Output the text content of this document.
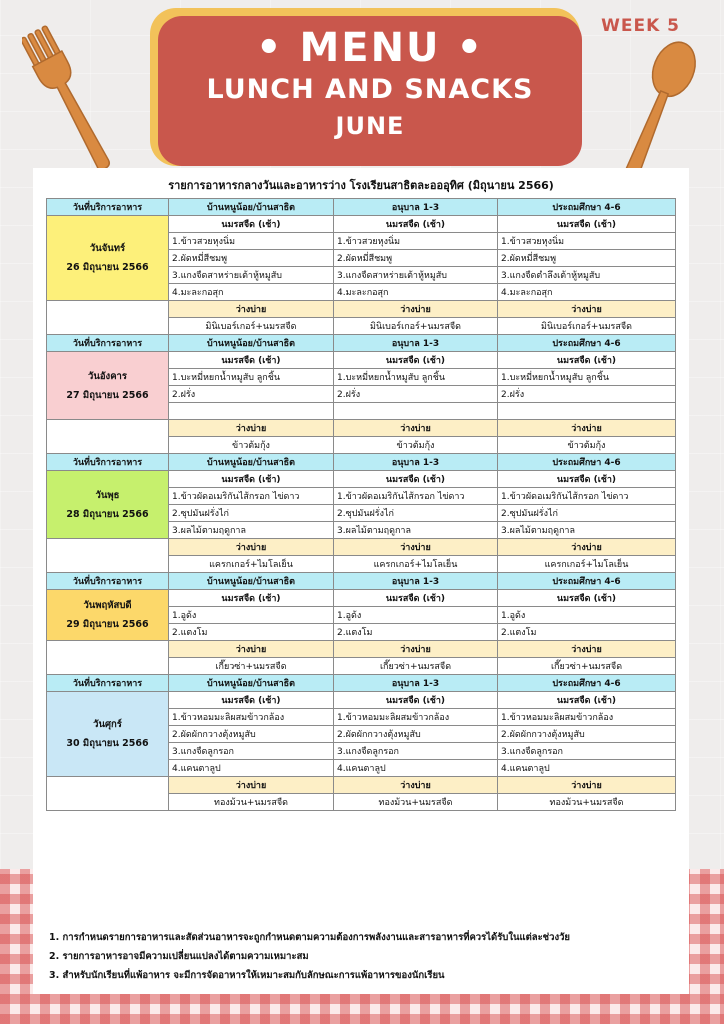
• MENU •
LUNCH AND SNACKS
JUNE
WEEK 5
รายการอาหารกลางวันและอาหารว่าง โรงเรียนสาธิตละอออุทิศ (มิถุนายน 2566)
วันที่บริการอาหาร	บ้านหนูน้อย/บ้านสาธิต	อนุบาล 1-3	ประถมศึกษา 4-6

วันจันทร์
26 มิถุนายน 2566	นมรสจืด (เช้า)	นมรสจืด (เช้า)	นมรสจืด (เช้า)
	1.ข้าวสวยหุงนิ่ม	1.ข้าวสวยหุงนิ่ม	1.ข้าวสวยหุงนิ่ม
	2.ผัดหมี่สีชมพู	2.ผัดหมี่สีชมพู	2.ผัดหมี่สีชมพู
	3.แกงจืดสาหร่ายเต้าหู้หมูสับ	3.แกงจืดสาหร่ายเต้าหู้หมูสับ	3.แกงจืดตำลึงเต้าหู้หมูสับ
	4.มะละกอสุก	4.มะละกอสุก	4.มะละกอสุก
	ว่างบ่าย	ว่างบ่าย	ว่างบ่าย
	มินิเบอร์เกอร์+นมรสจืด	มินิเบอร์เกอร์+นมรสจืด	มินิเบอร์เกอร์+นมรสจืด
วันที่บริการอาหาร	บ้านหนูน้อย/บ้านสาธิต	อนุบาล 1-3	ประถมศึกษา 4-6

วันอังคาร
27 มิถุนายน 2566	นมรสจืด (เช้า)	นมรสจืด (เช้า)	นมรสจืด (เช้า)
	1.บะหมี่หยกน้ำหมูสับ ลูกชิ้น	1.บะหมี่หยกน้ำหมูสับ ลูกชิ้น	1.บะหมี่หยกน้ำหมูสับ ลูกชิ้น
	2.ฝรั่ง	2.ฝรั่ง	2.ฝรั่ง

	ว่างบ่าย	ว่างบ่าย	ว่างบ่าย
	ข้าวต้มกุ้ง	ข้าวต้มกุ้ง	ข้าวต้มกุ้ง
วันที่บริการอาหาร	บ้านหนูน้อย/บ้านสาธิต	อนุบาล 1-3	ประถมศึกษา 4-6

วันพุธ
28 มิถุนายน 2566	นมรสจืด (เช้า)	นมรสจืด (เช้า)	นมรสจืด (เช้า)
	1.ข้าวผัดอเมริกันไส้กรอก ไข่ดาว	1.ข้าวผัดอเมริกันไส้กรอก ไข่ดาว	1.ข้าวผัดอเมริกันไส้กรอก ไข่ดาว
	2.ซุปมันฝรั่งไก่	2.ซุปมันฝรั่งไก่	2.ซุปมันฝรั่งไก่
	3.ผลไม้ตามฤดูกาล	3.ผลไม้ตามฤดูกาล	3.ผลไม้ตามฤดูกาล
	ว่างบ่าย	ว่างบ่าย	ว่างบ่าย
	แครกเกอร์+ไมโลเย็น	แครกเกอร์+ไมโลเย็น	แครกเกอร์+ไมโลเย็น
วันที่บริการอาหาร	บ้านหนูน้อย/บ้านสาธิต	อนุบาล 1-3	ประถมศึกษา 4-6

วันพฤหัสบดี
29 มิถุนายน 2566	นมรสจืด (เช้า)	นมรสจืด (เช้า)	นมรสจืด (เช้า)
	1.อูด้ง	1.อูด้ง	1.อูด้ง
	2.แตงโม	2.แตงโม	2.แตงโม
	ว่างบ่าย	ว่างบ่าย	ว่างบ่าย
	เกี๊ยวซ่า+นมรสจืด	เกี๊ยวซ่า+นมรสจืด	เกี๊ยวซ่า+นมรสจืด
วันที่บริการอาหาร	บ้านหนูน้อย/บ้านสาธิต	อนุบาล 1-3	ประถมศึกษา 4-6

วันศุกร์
30 มิถุนายน 2566	นมรสจืด (เช้า)	นมรสจืด (เช้า)	นมรสจืด (เช้า)
	1.ข้าวหอมมะลิผสมข้าวกล้อง	1.ข้าวหอมมะลิผสมข้าวกล้อง	1.ข้าวหอมมะลิผสมข้าวกล้อง
	2.ผัดผักกวางตุ้งหมูสับ	2.ผัดผักกวางตุ้งหมูสับ	2.ผัดผักกวางตุ้งหมูสับ
	3.แกงจืดลูกรอก	3.แกงจืดลูกรอก	3.แกงจืดลูกรอก
	4.แคนตาลูป	4.แคนตาลูป	4.แคนตาลูป
	ว่างบ่าย	ว่างบ่าย	ว่างบ่าย
	ทองม้วน+นมรสจืด	ทองม้วน+นมรสจืด	ทองม้วน+นมรสจืด
1. การกำหนดรายการอาหารและสัดส่วนอาหารจะถูกกำหนดตามความต้องการพลังงานและสารอาหารที่ควรได้รับในแต่ละช่วงวัย
2. รายการอาหารอาจมีความเปลี่ยนแปลงได้ตามความเหมาะสม
3. สำหรับนักเรียนที่แพ้อาหาร จะมีการจัดอาหารให้เหมาะสมกับลักษณะการแพ้อาหารของนักเรียน
